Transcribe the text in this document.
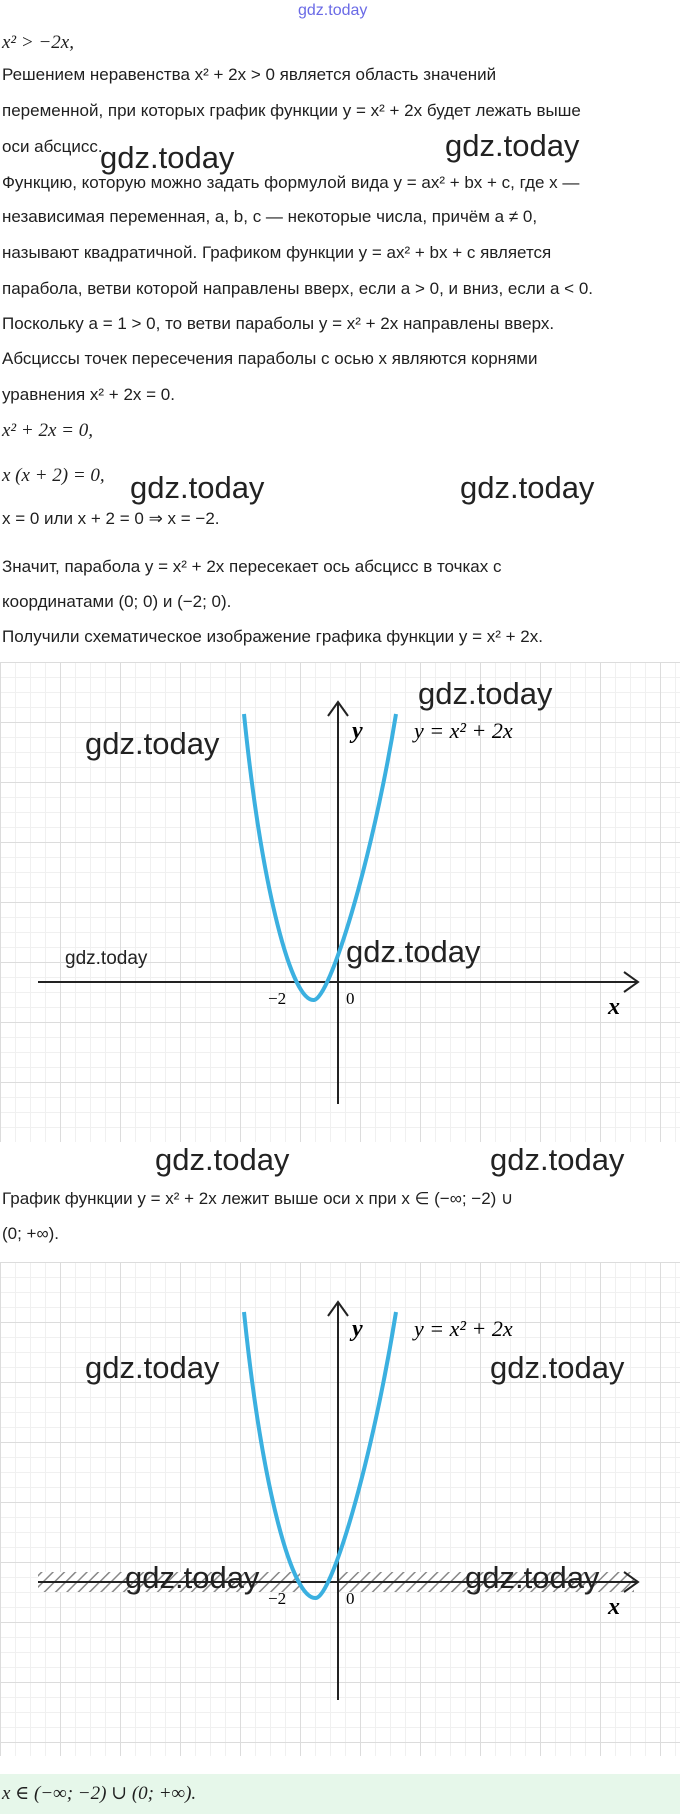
gdz.today
x² > −2x,
Решением неравенства x² + 2x > 0 является область значений
переменной, при которых график функции y = x² + 2x будет лежать выше
оси абсцисс.
gdz.today	gdz.today
Функцию, которую можно задать формулой вида y = ax² + bx + c, где x —
независимая переменная, a, b, c — некоторые числа, причём a ≠ 0,
называют квадратичной. Графиком функции y = ax² + bx + c является
парабола, ветви которой направлены вверх, если a > 0, и вниз, если a < 0.
Поскольку a = 1 > 0, то ветви параболы y = x² + 2x направлены вверх.
Абсциссы точек пересечения параболы с осью x являются корнями
уравнения x² + 2x = 0.
x² + 2x = 0,
x (x + 2) = 0, gdz.today	gdz.today
x = 0 или x + 2 = 0 ⇒ x = −2.
Значит, парабола y = x² + 2x пересекает ось абсцисс в точках с
координатами (0; 0) и (−2; 0).
Получили схематическое изображение графика функции y = x² + 2x.
y
x
y = x² + 2x
−2	0
gdz.today
gdz.today
gdz.today	gdz.today
gdz.today	gdz.today
График функции y = x² + 2x лежит выше оси x при x ∈ (−∞; −2) ∪
(0; +∞).
y
x
y = x² + 2x
−2	0
gdz.today	gdz.today
gdz.today	gdz.today
x ∈ (−∞; −2) ∪ (0; +∞).
